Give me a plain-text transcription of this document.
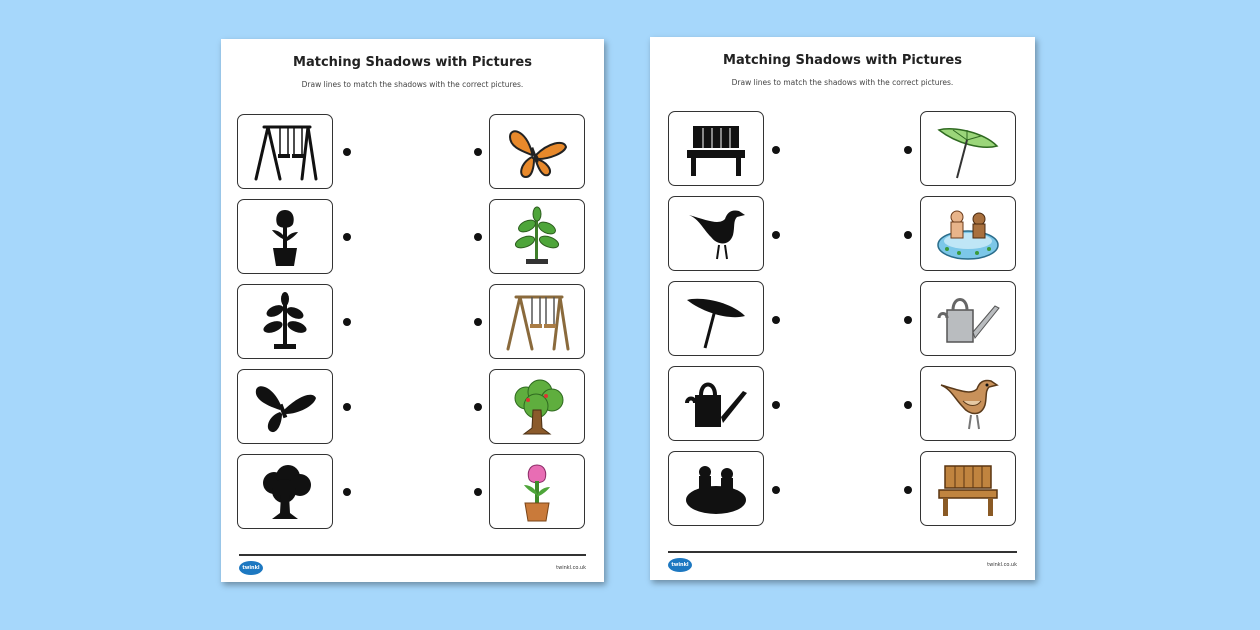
Matching Shadows with Pictures
Draw lines to match the shadows with the correct pictures.
twinkl	twinkl.co.uk
Matching Shadows with Pictures
Draw lines to match the shadows with the correct pictures.
twinkl	twinkl.co.uk
